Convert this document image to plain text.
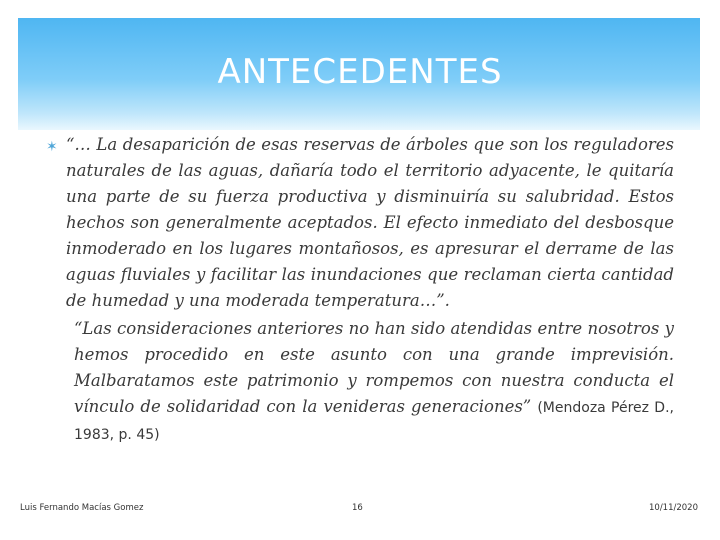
ANTECEDENTES
✶ “… La desaparición de esas reservas de árboles que son los reguladores naturales de las aguas, dañaría todo el territorio adyacente, le quitaría una parte de su fuerza productiva y disminuiría su salubridad. Estos hechos son generalmente aceptados. El efecto inmediato del desbosque inmoderado en los lugares montañosos, es apresurar el derrame de las aguas fluviales y facilitar las inundaciones que reclaman cierta cantidad de humedad y una moderada temperatura…”.

“Las consideraciones anteriores no han sido atendidas entre nosotros y hemos procedido en este asunto con una grande imprevisión. Malbaratamos este patrimonio y rompemos con nuestra conducta el vínculo de solidaridad con la venideras generaciones” (Mendoza Pérez D., 1983, p. 45)

Luis Fernando Macías Gomez	16	10/11/2020
